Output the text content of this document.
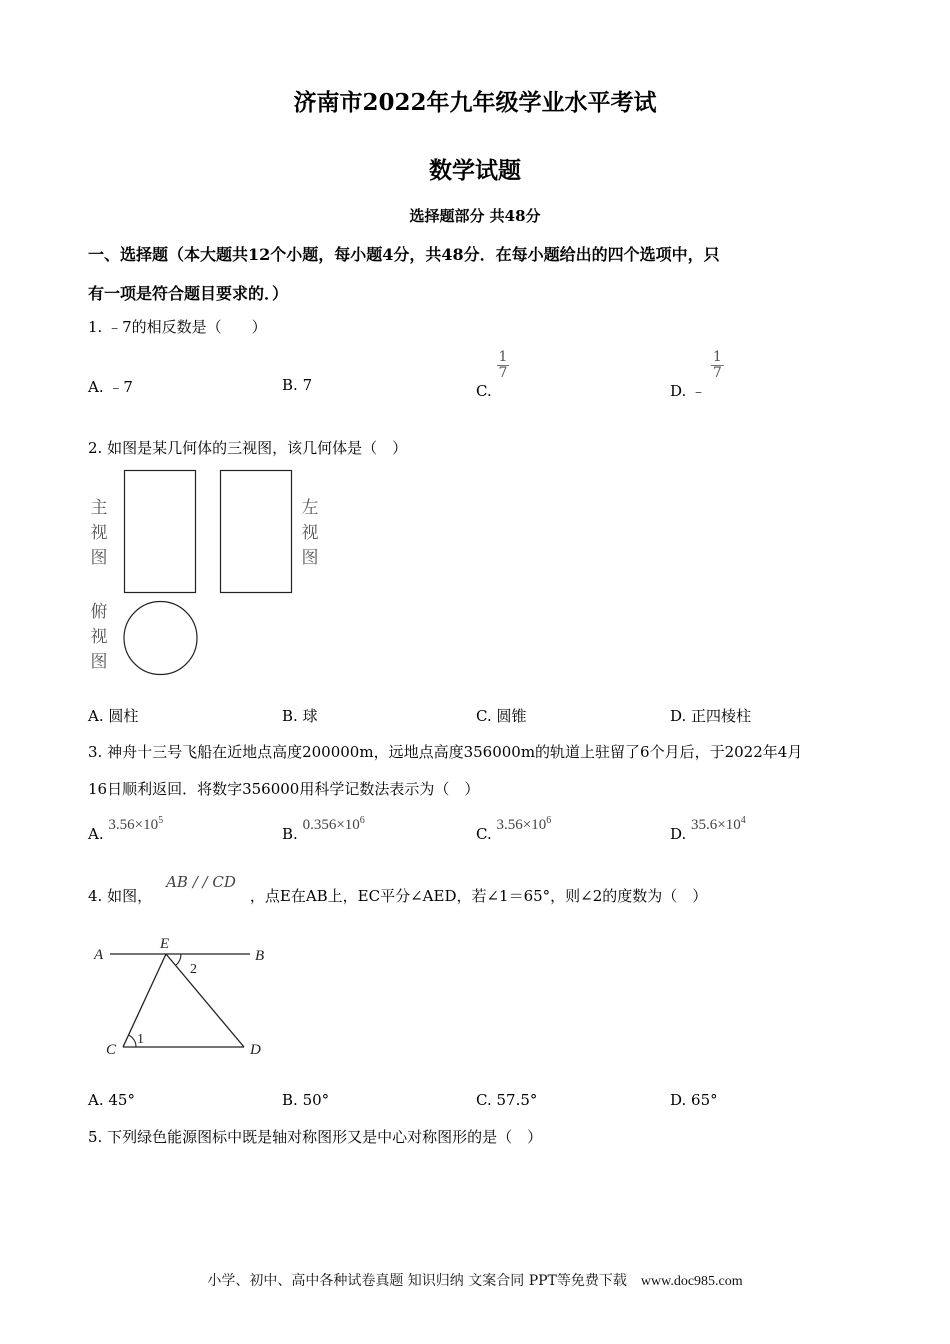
济南市2022年九年级学业水平考试
数学试题
选择题部分 共48分
一、选择题（本大题共12个小题，每小题4分，共48分．在每小题给出的四个选项中，只
有一项是符合题目要求的．）
1. ﹣7的相反数是（　　）
A. ﹣7	B. 7	C.
$\frac{1}{7}$
D. ﹣
$\frac{1}{7}$
2. 如图是某几何体的三视图，该几何体是（　）
主视图
左视图
俯视图
A. 圆柱	B. 球	C. 圆锥	D. 正四棱柱
3. 神舟十三号飞船在近地点高度200000m，远地点高度356000m的轨道上驻留了6个月后，于2022年4月
16日顺利返回．将数字356000用科学记数法表示为（　）
A. $3.56\times 10^5$
B. $0.356\times 10^6$
C. $3.56\times 10^6$
D. $35.6\times 10^4$
4. 如图，AB / / CD，点E在AB上，EC平分∠AED，若∠1＝65°，则∠2的度数为（　）
A
E
B
C	D
1
2
A. 45°	B. 50°	C. 57.5°	D. 65°
5. 下列绿色能源图标中既是轴对称图形又是中心对称图形的是（　）
小学、初中、高中各种试卷真题 知识归纳 文案合同 PPT等免费下载 www.doc985.com
